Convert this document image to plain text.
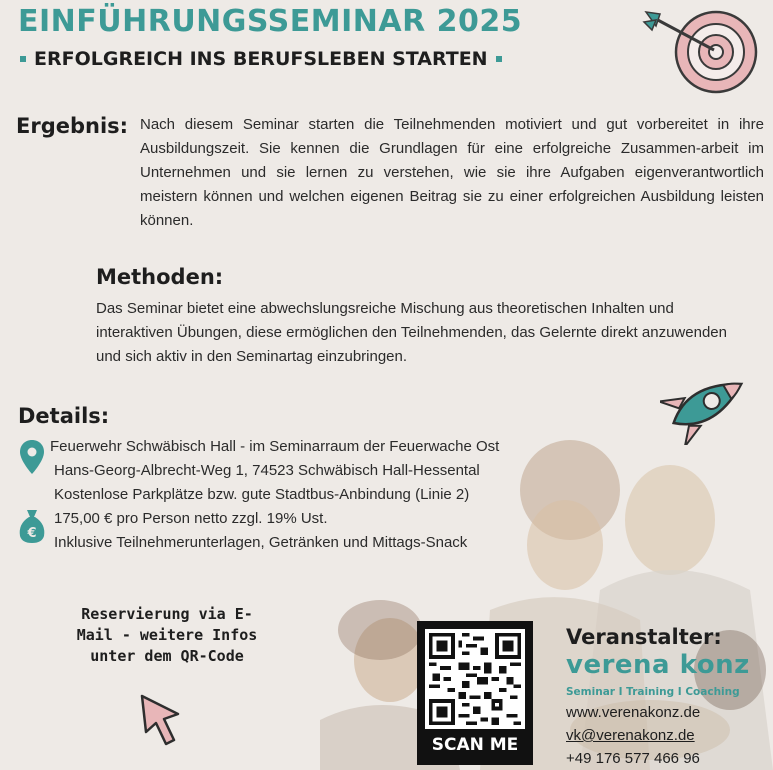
EINFÜHRUNGSSEMINAR 2025
ERFOLGREICH INS BERUFSLEBEN STARTEN
Ergebnis: Nach diesem Seminar starten die Teilnehmenden motiviert und gut vorbereitet in ihre Ausbildungszeit. Sie kennen die Grundlagen für eine erfolgreiche Zusammen-arbeit im Unternehmen und sie lernen zu verstehen, wie sie ihre Aufgaben eigenverantwortlich meistern können und welchen eigenen Beitrag sie zu einer erfolgreichen Ausbildung leisten können.
Methoden:
Das Seminar bietet eine abwechslungsreiche Mischung aus theoretischen Inhalten und interaktiven Übungen, diese ermöglichen den Teilnehmenden, das Gelernte direkt anzuwenden und sich aktiv in den Seminartag einzubringen.
Details:
Feuerwehr Schwäbisch Hall - im Seminarraum der Feuerwache Ost
Hans-Georg-Albrecht-Weg 1, 74523 Schwäbisch Hall-Hessental
Kostenlose Parkplätze bzw. gute Stadtbus-Anbindung (Linie 2)
€
175,00 € pro Person netto zzgl. 19% Ust.
Inklusive Teilnehmerunterlagen, Getränken und Mittags-Snack
Reservierung via E-
Mail - weitere Infos
unter dem QR-Code
SCAN ME
Veranstalter:
verena konz
Seminar I Training I Coaching
www.verenakonz.de
vk@verenakonz.de
+49 176 577 466 96
